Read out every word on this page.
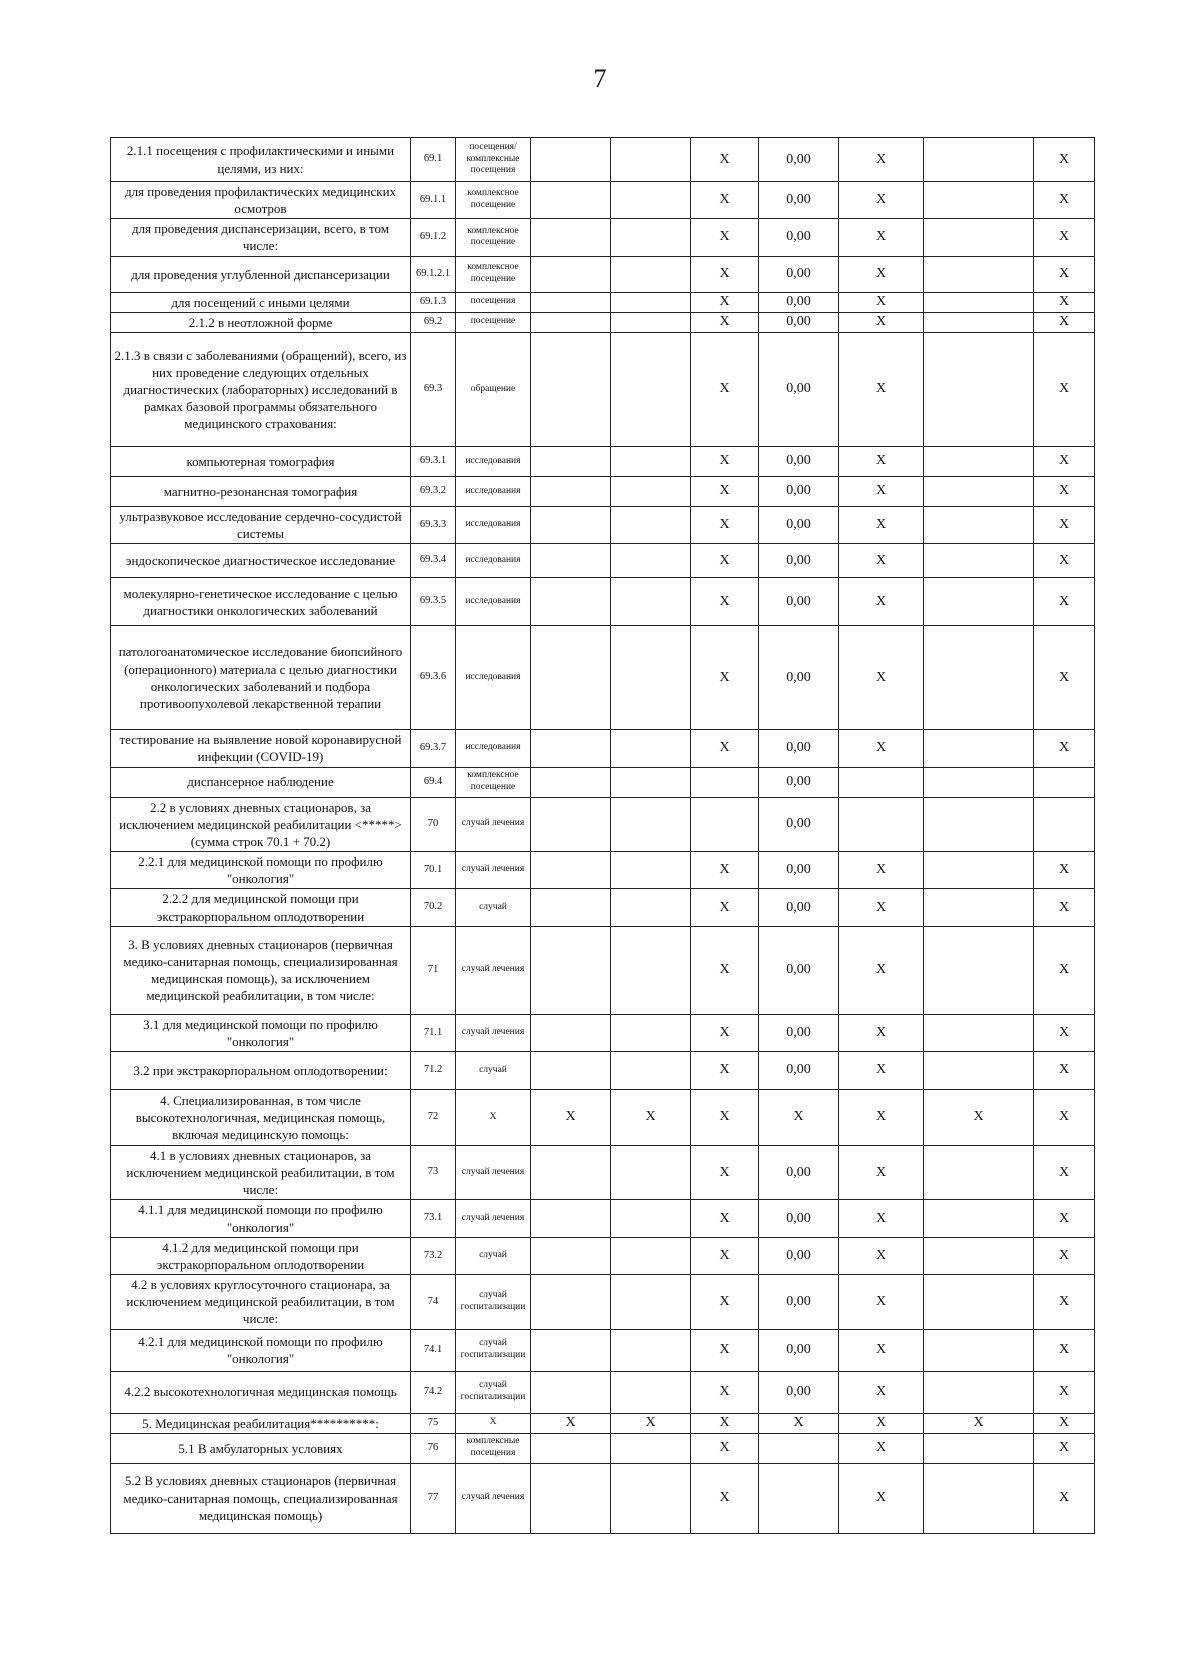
7
2.1.1 посещения с профилактическими и иными целями, из них:	69.1	посещения/ комплексные посещения			X	0,00	X		X
для проведения профилактических медицинских осмотров	69.1.1	комплексное посещение			X	0,00	X		X
для проведения диспансеризации, всего, в том числе:	69.1.2	комплексное посещение			X	0,00	X		X
для проведения углубленной диспансеризации	69.1.2.1	комплексное посещение			X	0,00	X		X
для посещений с иными целями	69.1.3	посещения			X	0,00	X		X
2.1.2 в неотложной форме	69.2	посещение			X	0,00	X		X
2.1.3 в связи с заболеваниями (обращений), всего, из них проведение следующих отдельных диагностических (лабораторных) исследований в рамках базовой программы обязательного медицинского страхования:	69.3	обращение			X	0,00	X		X
компьютерная томография	69.3.1	исследования			X	0,00	X		X
магнитно-резонансная томография	69.3.2	исследования			X	0,00	X		X
ультразвуковое исследование сердечно-сосудистой системы	69.3.3	исследования			X	0,00	X		X
эндоскопическое диагностическое исследование	69.3.4	исследования			X	0,00	X		X
молекулярно-генетическое исследование с целью диагностики онкологических заболеваний	69.3.5	исследования			X	0,00	X		X
патологоанатомическое исследование биопсийного (операционного) материала с целью диагностики онкологических заболеваний и подбора противоопухолевой лекарственной терапии	69.3.6	исследования			X	0,00	X		X
тестирование на выявление новой коронавирусной инфекции (COVID-19)	69.3.7	исследования			X	0,00	X		X
диспансерное наблюдение	69.4	комплексное посещение				0,00			
2.2 в условиях дневных стационаров, за исключением медицинской реабилитации <*****> (сумма строк 70.1 + 70.2)	70	случай лечения				0,00			
2.2.1 для медицинской помощи по профилю "онкология"	70.1	случай лечения			X	0,00	X		X
2.2.2 для медицинской помощи при экстракорпоральном оплодотворении	70.2	случай			X	0,00	X		X
3. В условиях дневных стационаров (первичная медико-санитарная помощь, специализированная медицинская помощь), за исключением медицинской реабилитации, в том числе:	71	случай лечения			X	0,00	X		X
3.1 для медицинской помощи по профилю "онкология"	71.1	случай лечения			X	0,00	X		X
3.2 при экстракорпоральном оплодотворении:	71.2	случай			X	0,00	X		X
4. Специализированная, в том числе высокотехнологичная, медицинская помощь, включая медицинскую помощь:	72	X	X	X	X	X	X	X	X
4.1 в условиях дневных стационаров, за исключением медицинской реабилитации, в том числе:	73	случай лечения			X	0,00	X		X
4.1.1 для медицинской помощи по профилю "онкология"	73.1	случай лечения			X	0,00	X		X
4.1.2 для медицинской помощи при экстракорпоральном оплодотворении	73.2	случай			X	0,00	X		X
4.2 в условиях круглосуточного стационара, за исключением медицинской реабилитации, в том числе:	74	случай госпитализации			X	0,00	X		X
4.2.1 для медицинской помощи по профилю "онкология"	74.1	случай госпитализации			X	0,00	X		X
4.2.2 высокотехнологичная медицинская помощь	74.2	случай госпитализации			X	0,00	X		X
5. Медицинская реабилитация**********:	75	X	X	X	X	X	X	X	X
5.1 В амбулаторных условиях	76	комплексные посещения			X		X		X
5.2 В условиях дневных стационаров (первичная медико-санитарная помощь, специализированная медицинская помощь)	77	случай лечения			X		X		X
